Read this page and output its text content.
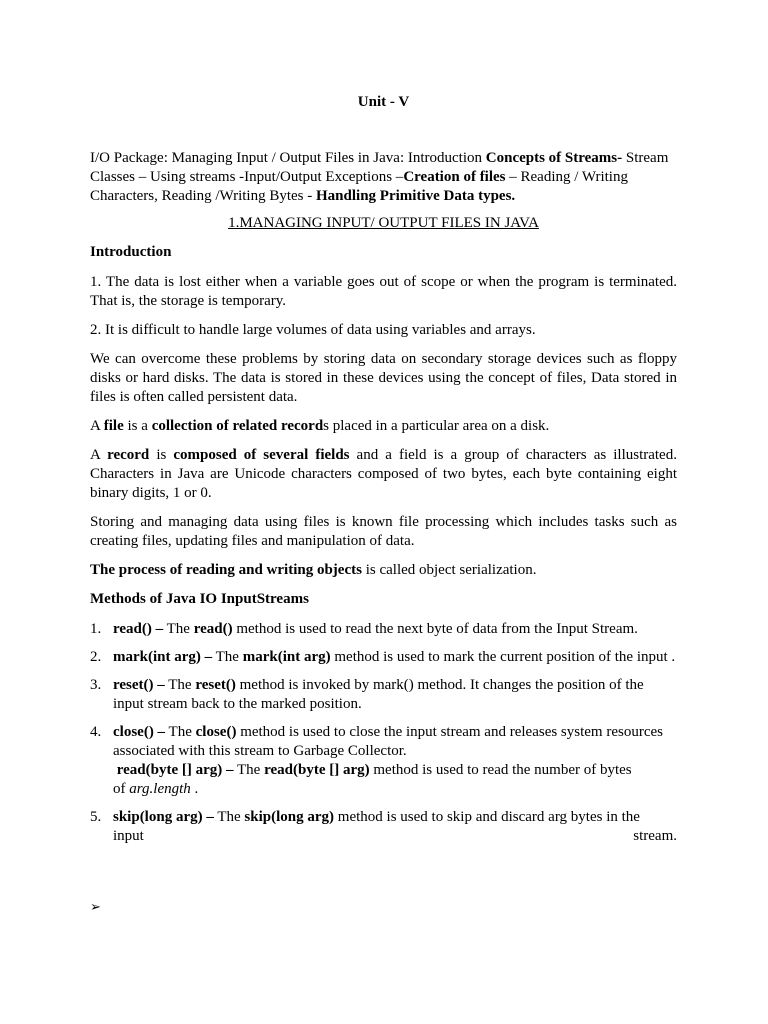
Unit - V

I/O Package: Managing Input / Output Files in Java: Introduction Concepts of Streams- Stream Classes – Using streams -Input/Output Exceptions –Creation of files – Reading / Writing Characters, Reading /Writing Bytes - Handling Primitive Data types.

1.MANAGING INPUT/ OUTPUT FILES IN JAVA
Introduction

1. The data is lost either when a variable goes out of scope or when the program is terminated. That is, the storage is temporary.

2. It is difficult to handle large volumes of data using variables and arrays.

We can overcome these problems by storing data on secondary storage devices such as floppy disks or hard disks. The data is stored in these devices using the concept of files, Data stored in files is often called persistent data.

A file is a collection of related records placed in a particular area on a disk.

A record is composed of several fields and a field is a group of characters as illustrated. Characters in Java are Unicode characters composed of two bytes, each byte containing eight binary digits, 1 or 0.

Storing and managing data using files is known file processing which includes tasks such as creating files, updating files and manipulation of data.

The process of reading and writing objects is called object serialization.

Methods of Java IO InputStreams
1. read() – The read() method is used to read the next byte of data from the Input Stream.
2. mark(int arg) – The mark(int arg) method is used to mark the current position of the input .
3. reset() – The reset() method is invoked by mark() method. It changes the position of the input stream back to the marked position.
4. close() – The close() method is used to close the input stream and releases system resources associated with this stream to Garbage Collector.
read(byte [] arg) – The read(byte [] arg) method is used to read the number of bytes
of arg.length .
5. skip(long arg) – The skip(long arg) method is used to skip and discard arg bytes in the
input	stream.
➢
